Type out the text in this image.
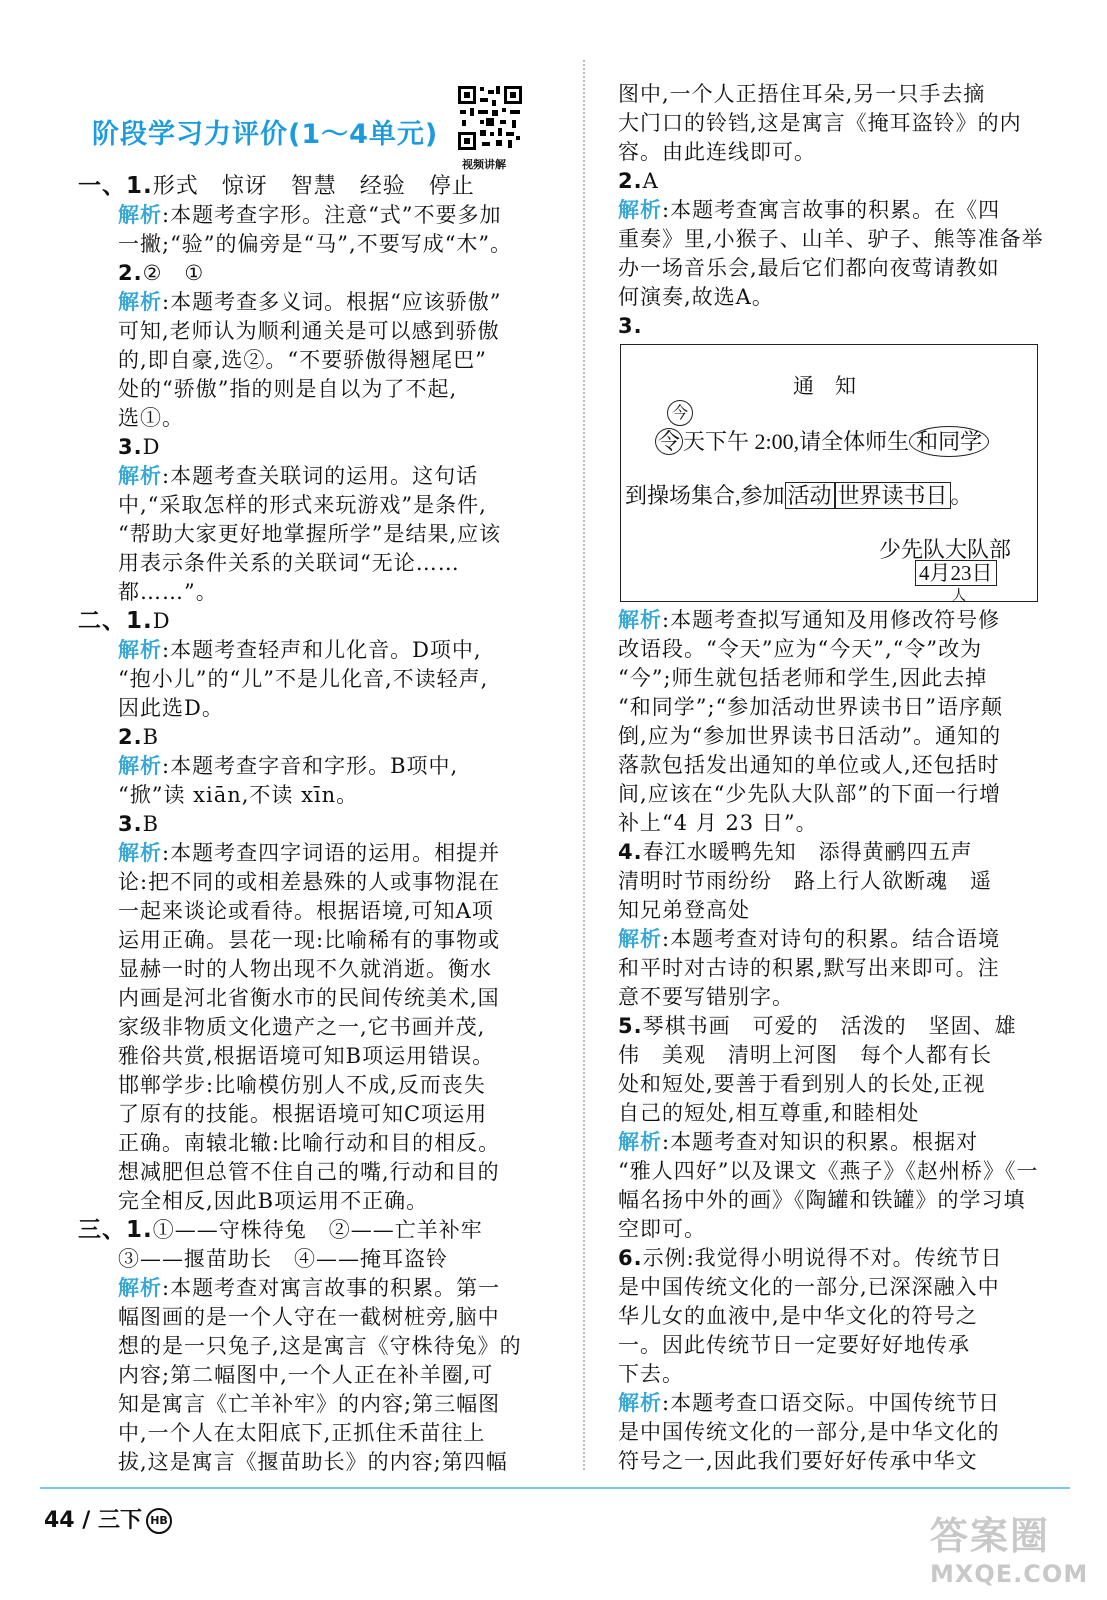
阶段学习力评价(1～4单元)
视频讲解
一、1.形式　惊讶　智慧　经验　停止
解析:本题考查字形。注意“式”不要多加
一撇;“验”的偏旁是“马”,不要写成“木”。
2.②　①
解析:本题考查多义词。根据“应该骄傲”
可知,老师认为顺利通关是可以感到骄傲
的,即自豪,选②。“不要骄傲得翘尾巴”
处的“骄傲”指的则是自以为了不起,
选①。
3.D
解析:本题考查关联词的运用。这句话
中,“采取怎样的形式来玩游戏”是条件,
“帮助大家更好地掌握所学”是结果,应该
用表示条件关系的关联词“无论……
都……”。
二、1.D
解析:本题考查轻声和儿化音。D项中,
“抱小儿”的“儿”不是儿化音,不读轻声,
因此选D。
2.B
解析:本题考查字音和字形。B项中,
“掀”读 xiān,不读 xīn。
3.B
解析:本题考查四字词语的运用。相提并
论:把不同的或相差悬殊的人或事物混在
一起来谈论或看待。根据语境,可知A项
运用正确。昙花一现:比喻稀有的事物或
显赫一时的人物出现不久就消逝。衡水
内画是河北省衡水市的民间传统美术,国
家级非物质文化遗产之一,它书画并茂,
雅俗共赏,根据语境可知B项运用错误。
邯郸学步:比喻模仿别人不成,反而丧失
了原有的技能。根据语境可知C项运用
正确。南辕北辙:比喻行动和目的相反。
想减肥但总管不住自己的嘴,行动和目的
完全相反,因此B项运用不正确。
三、1.①——守株待兔　②——亡羊补牢
③——揠苗助长　④——掩耳盗铃
解析:本题考查对寓言故事的积累。第一
幅图画的是一个人守在一截树桩旁,脑中
想的是一只兔子,这是寓言《守株待兔》的
内容;第二幅图中,一个人正在补羊圈,可
知是寓言《亡羊补牢》的内容;第三幅图
中,一个人在太阳底下,正抓住禾苗往上
拔,这是寓言《揠苗助长》的内容;第四幅
图中,一个人正捂住耳朵,另一只手去摘
大门口的铃铛,这是寓言《掩耳盗铃》的内
容。由此连线即可。
2.A
解析:本题考查寓言故事的积累。在《四
重奏》里,小猴子、山羊、驴子、熊等准备举
办一场音乐会,最后它们都向夜莺请教如
何演奏,故选A。
3.
解析:本题考查拟写通知及用修改符号修
改语段。“令天”应为“今天”,“令”改为
“今”;师生就包括老师和学生,因此去掉
“和同学”;“参加活动世界读书日”语序颠
倒,应为“参加世界读书日活动”。通知的
落款包括发出通知的单位或人,还包括时
间,应该在“少先队大队部”的下面一行增
补上“4 月 23 日”。
4.春江水暖鸭先知　添得黄鹂四五声
清明时节雨纷纷　路上行人欲断魂　遥
知兄弟登高处
解析:本题考查对诗句的积累。结合语境
和平时对古诗的积累,默写出来即可。注
意不要写错别字。
5.琴棋书画　可爱的　活泼的　坚固、雄
伟　美观　清明上河图　每个人都有长
处和短处,要善于看到别人的长处,正视
自己的短处,相互尊重,和睦相处
解析:本题考查对知识的积累。根据对
“雅人四好”以及课文《燕子》《赵州桥》《一
幅名扬中外的画》《陶罐和铁罐》的学习填
空即可。
6.示例:我觉得小明说得不对。传统节日
是中国传统文化的一部分,已深深融入中
华儿女的血液中,是中华文化的符号之
一。因此传统节日一定要好好地传承
下去。
解析:本题考查口语交际。中国传统节日
是中国传统文化的一部分,是中华文化的
符号之一,因此我们要好好传承中华文
通　知
今
令 天下午 2:00,请全体师生 和同学
到操场集合,参加 活动 世界读书日 。
少先队大队部
4月23日
人
44 / 三下 HB	答案圈
MXQE.COM
